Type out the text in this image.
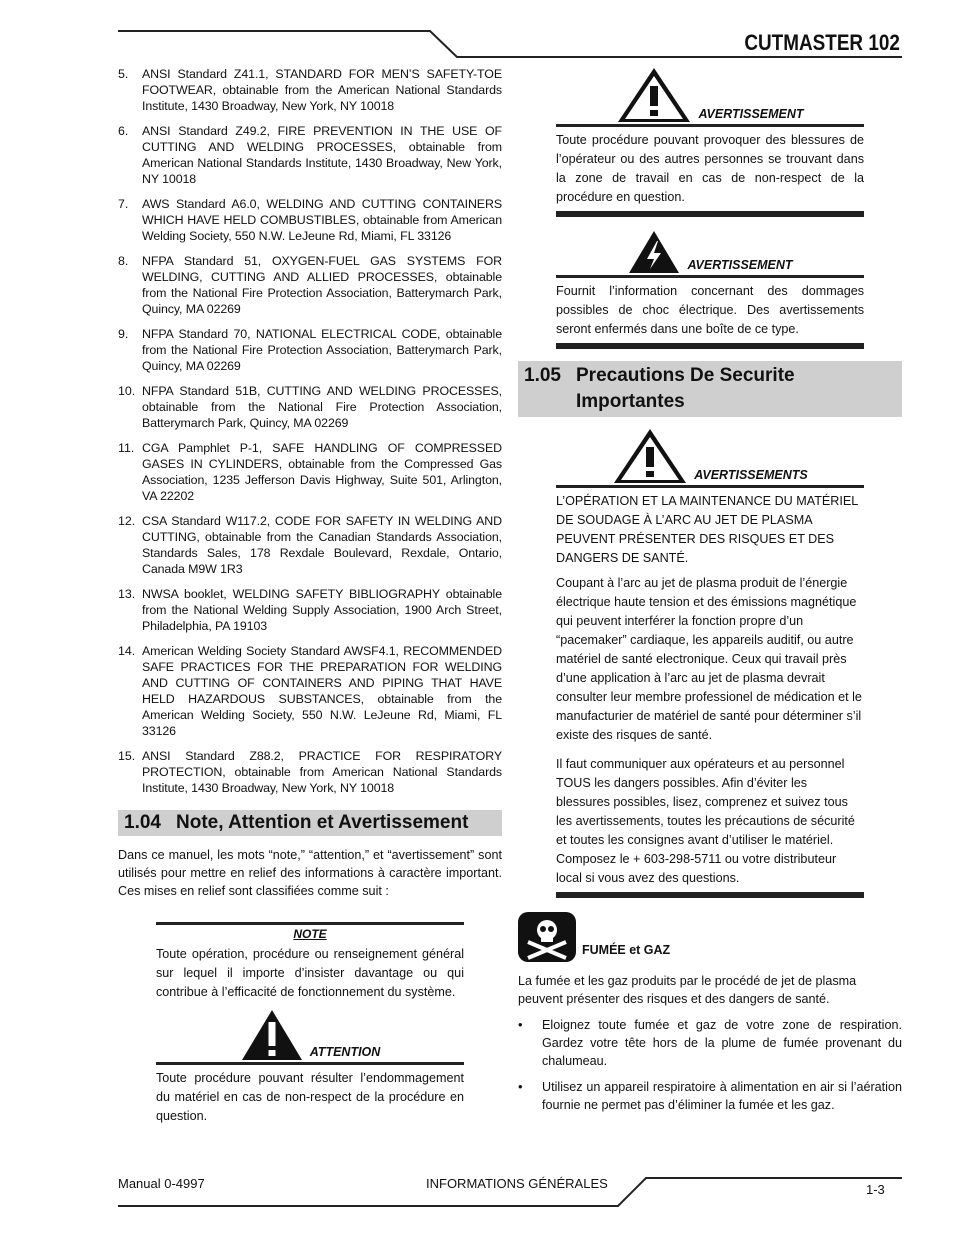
CUTMASTER 102
5.	ANSI Standard Z41.1, STANDARD FOR MEN’S SAFETY-TOE FOOTWEAR, obtainable from the American National Standards Institute, 1430 Broadway, New York, NY 10018
6.	ANSI Standard Z49.2, FIRE PREVENTION IN THE USE OF CUTTING AND WELDING PROCESSES, obtainable from American National Standards Institute, 1430 Broadway, New York, NY 10018
7.	AWS Standard A6.0, WELDING AND CUTTING CONTAINERS WHICH HAVE HELD COMBUSTIBLES, obtainable from American Welding Society, 550 N.W. LeJeune Rd, Miami, FL 33126
8.	NFPA Standard 51, OXYGEN-FUEL GAS SYSTEMS FOR WELDING, CUTTING AND ALLIED PROCESSES, obtainable from the National Fire Protection Association, Batterymarch Park, Quincy, MA 02269
9.	NFPA Standard 70, NATIONAL ELECTRICAL CODE, obtainable from the National Fire Protection Association, Batterymarch Park, Quincy, MA 02269
10. NFPA Standard 51B, CUTTING AND WELDING PROCESSES, obtainable from the National Fire Protection Association, Batterymarch Park, Quincy, MA 02269
11. CGA Pamphlet P-1, SAFE HANDLING OF COMPRESSED GASES IN CYLINDERS, obtainable from the Compressed Gas Association, 1235 Jefferson Davis Highway, Suite 501, Arlington, VA 22202
12. CSA Standard W117.2, CODE FOR SAFETY IN WELDING AND CUTTING, obtainable from the Canadian Standards Association, Standards Sales, 178 Rexdale Boulevard, Rexdale, Ontario, Canada M9W 1R3
13. NWSA booklet, WELDING SAFETY BIBLIOGRAPHY obtainable from the National Welding Supply Association, 1900 Arch Street, Philadelphia, PA 19103
14. American Welding Society Standard AWSF4.1, RECOMMENDED SAFE PRACTICES FOR THE PREPARATION FOR WELDING AND CUTTING OF CONTAINERS AND PIPING THAT HAVE HELD HAZARDOUS SUBSTANCES, obtainable from the American Welding Society, 550 N.W. LeJeune Rd, Miami, FL 33126
15. ANSI Standard Z88.2, PRACTICE FOR RESPIRATORY PROTECTION, obtainable from American National Standards Institute, 1430 Broadway, New York, NY 10018
1.04 Note, Attention et Avertissement

Dans ce manuel, les mots “note,” “attention,” et “avertissement” sont utilisés pour mettre en relief des informations à caractère important. Ces mises en relief sont classifiées comme suit :

NOTE

Toute opération, procédure ou renseignement général sur lequel il importe d’insister davantage ou qui contribue à l’efficacité de fonctionnement du système.

ATTENTION

Toute procédure pouvant résulter l’endommagement du matériel en cas de non-respect de la procédure en question.

AVERTISSEMENT

Toute procédure pouvant provoquer des blessures de l’opérateur ou des autres personnes se trouvant dans la zone de travail en cas de non-respect de la procédure en question.

AVERTISSEMENT

Fournit l’information concernant des dommages possibles de choc électrique. Des avertissements seront enfermés dans une boîte de ce type.

1.05 Precautions De Securite
Importantes
AVERTISSEMENTS

L’OPÉRATION ET LA MAINTENANCE DU MATÉRIEL DE SOUDAGE À L’ARC AU JET DE PLASMA PEUVENT PRÉSENTER DES RISQUES ET DES DANGERS DE SANTÉ.

Coupant à l’arc au jet de plasma produit de l’énergie électrique haute tension et des émissions magnétique qui peuvent interférer la fonction propre d’un “pacemaker” cardiaque, les appareils auditif, ou autre matériel de santé electronique. Ceux qui travail près d’une application à l’arc au jet de plasma devrait consulter leur membre professionel de médication et le manufacturier de matériel de santé pour déterminer s’il existe des risques de santé.

Il faut communiquer aux opérateurs et au personnel TOUS les dangers possibles. Afin d’éviter les blessures possibles, lisez, comprenez et suivez tous les avertissements, toutes les précautions de sécurité et toutes les consignes avant d’utiliser le matériel. Composez le + 603-298-5711 ou votre distributeur local si vous avez des questions.

FUMÉE et GAZ

La fumée et les gaz produits par le procédé de jet de plasma peuvent présenter des risques et des dangers de santé.

•	Eloignez toute fumée et gaz de votre zone de respiration. Gardez votre tête hors de la plume de fumée provenant du chalumeau.
•	Utilisez un appareil respiratoire à alimentation en air si l’aération fournie ne permet pas d’éliminer la fumée et les gaz.
Manual 0-4997	INFORMATIONS GÉNÉRALES	1-3
